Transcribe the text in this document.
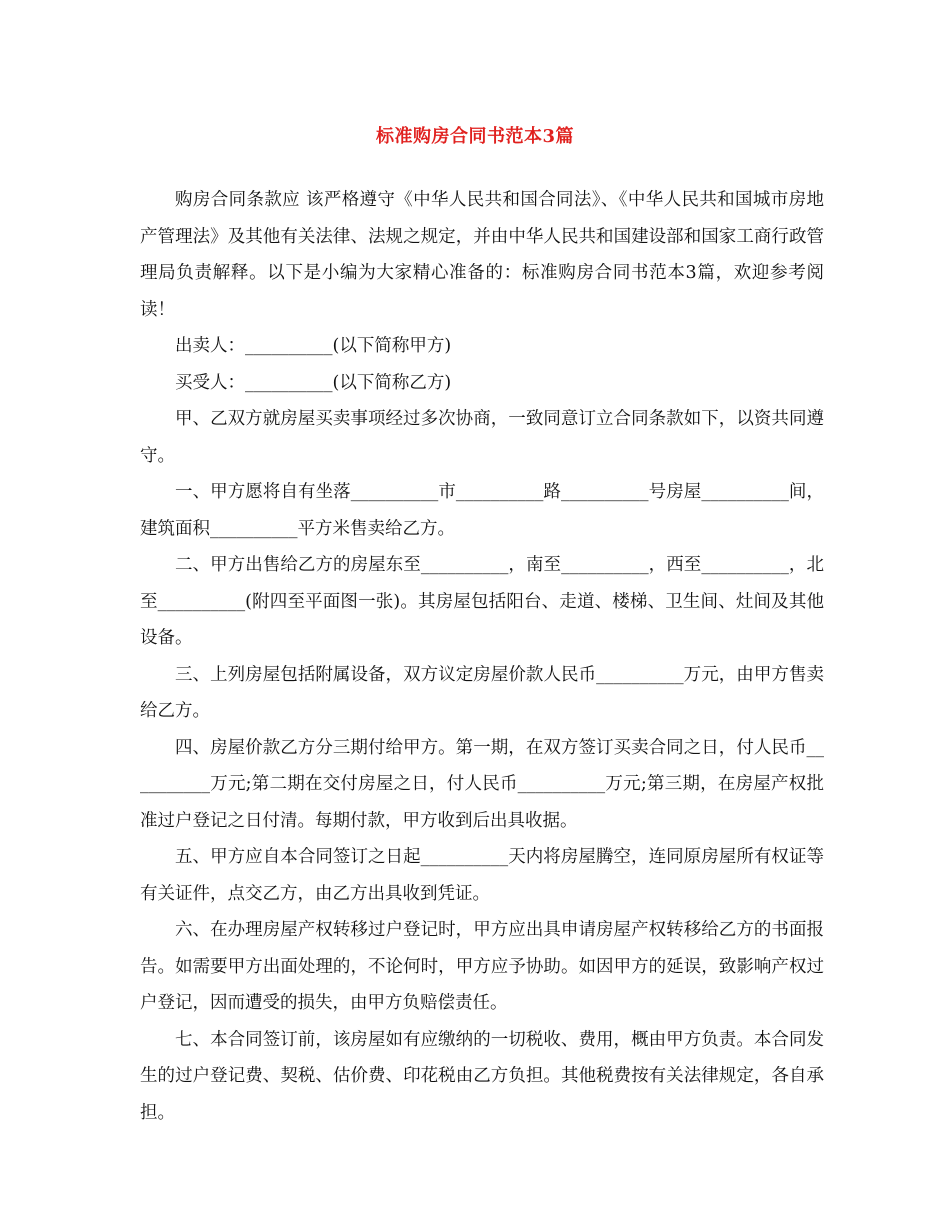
标准购房合同书范本3篇

购房合同条款应 该严格遵守《中华人民共和国合同法》、《中华人民共和国城市房地产管理法》及其他有关法律、法规之规定，并由中华人民共和国建设部和国家工商行政管理局负责解释。以下是小编为大家精心准备的：标准购房合同书范本3篇，欢迎参考阅读！

出卖人：__________(以下简称甲方)

买受人：__________(以下简称乙方)

甲、乙双方就房屋买卖事项经过多次协商，一致同意订立合同条款如下，以资共同遵守。

一、甲方愿将自有坐落__________市__________路__________号房屋__________间，建筑面积__________平方米售卖给乙方。

二、甲方出售给乙方的房屋东至__________，南至__________，西至__________，北至__________(附四至平面图一张)。其房屋包括阳台、走道、楼梯、卫生间、灶间及其他设备。

三、上列房屋包括附属设备，双方议定房屋价款人民币__________万元，由甲方售卖给乙方。

四、房屋价款乙方分三期付给甲方。第一期，在双方签订买卖合同之日，付人民币__________万元;第二期在交付房屋之日，付人民币__________万元;第三期，在房屋产权批准过户登记之日付清。每期付款，甲方收到后出具收据。

五、甲方应自本合同签订之日起__________天内将房屋腾空，连同原房屋所有权证等有关证件，点交乙方，由乙方出具收到凭证。

六、在办理房屋产权转移过户登记时，甲方应出具申请房屋产权转移给乙方的书面报告。如需要甲方出面处理的，不论何时，甲方应予协助。如因甲方的延误，致影响产权过户登记，因而遭受的损失，由甲方负赔偿责任。

七、本合同签订前，该房屋如有应缴纳的一切税收、费用，概由甲方负责。本合同发生的过户登记费、契税、估价费、印花税由乙方负担。其他税费按有关法律规定，各自承担。
